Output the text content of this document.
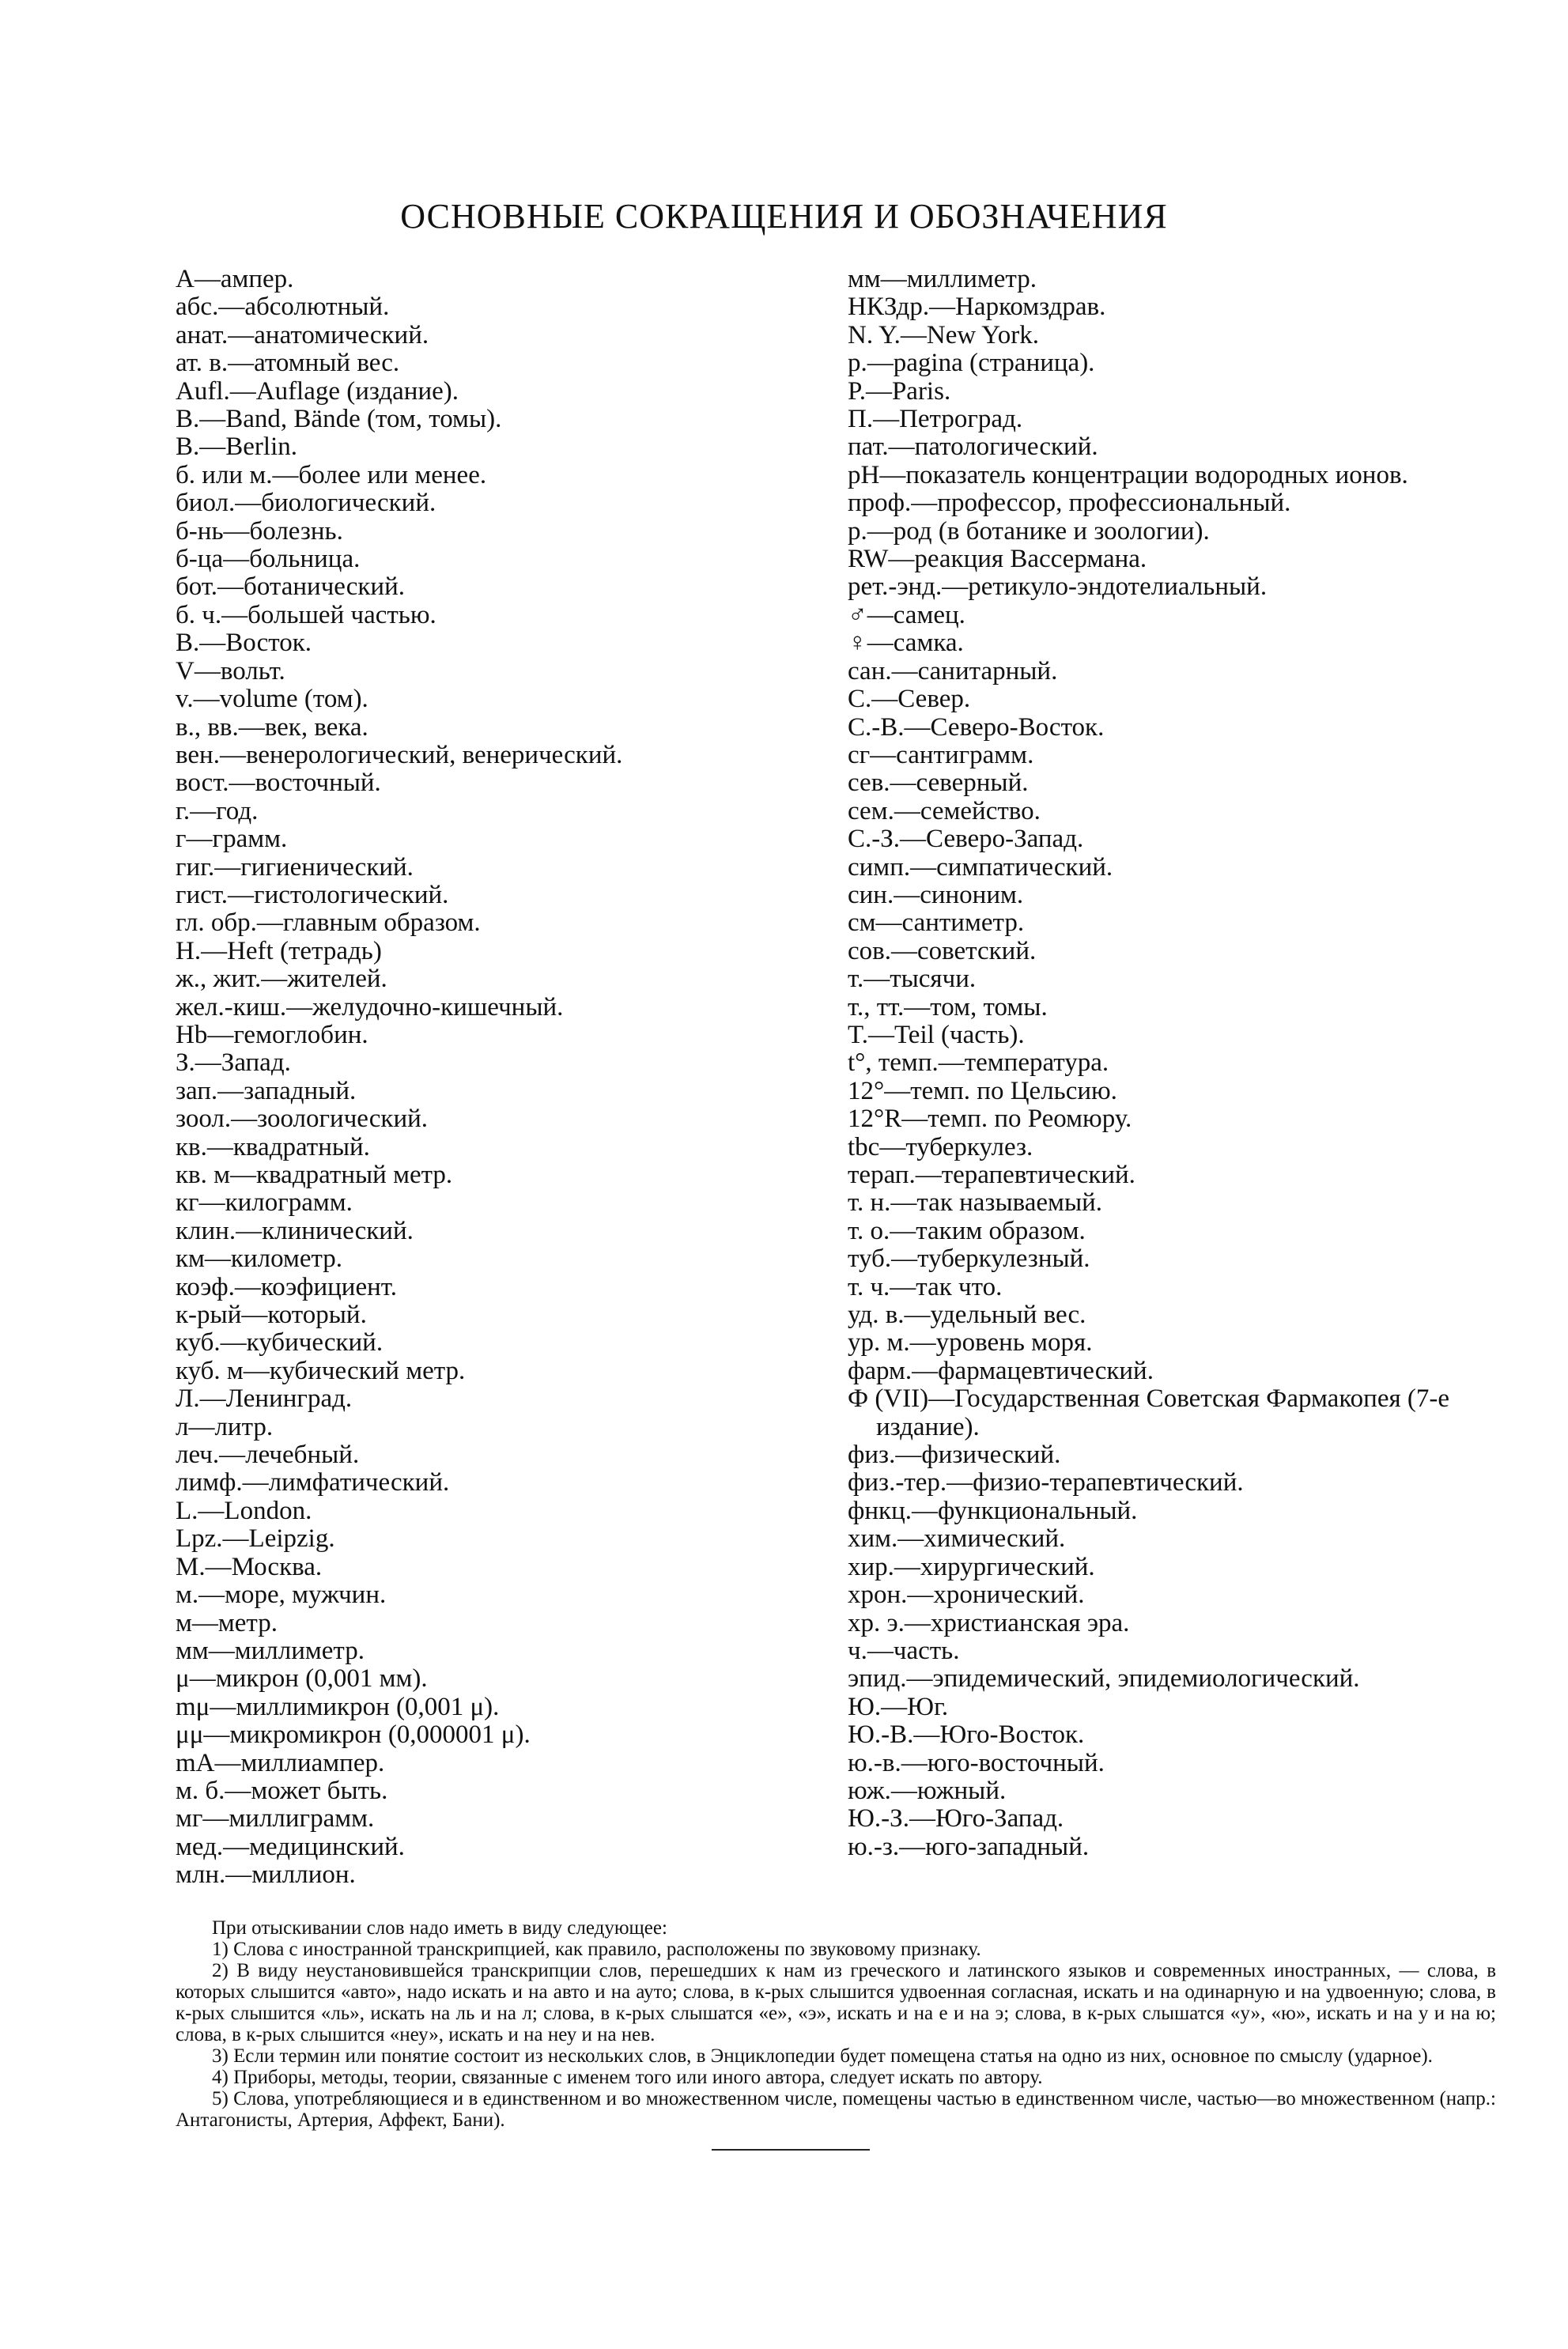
ОСНОВНЫЕ СОКРАЩЕНИЯ И ОБОЗНАЧЕНИЯ

А—ампер.

абс.—абсолютный.

анат.—анатомический.

ат. в.—атомный вес.

Aufl.—Auflage (издание).

B.—Band, Bände (том, томы).

B.—Berlin.

б. или м.—более или менее.

биол.—биологический.

б-нь—болезнь.

б-ца—больница.

бот.—ботанический.

б. ч.—большей частью.

В.—Восток.

V—вольт.

v.—volume (том).

в., вв.—век, века.

вен.—венерологический, венерический.

вост.—восточный.

г.—год.

г—грамм.

гиг.—гигиенический.

гист.—гистологический.

гл. обр.—главным образом.

H.—Heft (тетрадь)

ж., жит.—жителей.

жел.-киш.—желудочно-кишечный.

Hb—гемоглобин.

З.—Запад.

зап.—западный.

зоол.—зоологический.

кв.—квадратный.

кв. м—квадратный метр.

кг—килограмм.

клин.—клинический.

км—километр.

коэф.—коэфициент.

к-рый—который.

куб.—кубический.

куб. м—кубический метр.

Л.—Ленинград.

л—литр.

леч.—лечебный.

лимф.—лимфатический.

L.—London.

Lpz.—Leipzig.

М.—Москва.

м.—море, мужчин.

м—метр.

мм—миллиметр.

μ—микрон (0,001 мм).

mμ—миллимикрон (0,001 μ).

μμ—микромикрон (0,000001 μ).

mA—миллиампер.

м. б.—может быть.

мг—миллиграмм.

мед.—медицинский.

млн.—миллион.

мм—миллиметр.

НКЗдр.—Наркомздрав.

N. Y.—New York.

p.—pagina (страница).

P.—Paris.

П.—Петроград.

пат.—патологический.

pH—показатель концентрации водородных ионов.

проф.—профессор, профессиональный.

р.—род (в ботанике и зоологии).

RW—реакция Вассермана.

рет.-энд.—ретикуло-эндотелиальный.

♂—самец.

♀—самка.

сан.—санитарный.

С.—Север.

С.-В.—Северо-Восток.

сг—сантиграмм.

сев.—северный.

сем.—семейство.

С.-З.—Северо-Запад.

симп.—симпатический.

син.—синоним.

см—сантиметр.

сов.—советский.

т.—тысячи.

т., тт.—том, томы.

T.—Teil (часть).

t°, темп.—температура.

12°—темп. по Цельсию.

12°R—темп. по Реомюру.

tbc—туберкулез.

терап.—терапевтический.

т. н.—так называемый.

т. о.—таким образом.

туб.—туберкулезный.

т. ч.—так что.

уд. в.—удельный вес.

ур. м.—уровень моря.

фарм.—фармацевтический.

Ф (VII)—Государственная Советская Фармакопея (7-е издание).

физ.—физический.

физ.-тер.—физио-терапевтический.

фнкц.—функциональный.

хим.—химический.

хир.—хирургический.

хрон.—хронический.

хр. э.—христианская эра.

ч.—часть.

эпид.—эпидемический, эпидемиологический.

Ю.—Юг.

Ю.-В.—Юго-Восток.

ю.-в.—юго-восточный.

юж.—южный.

Ю.-З.—Юго-Запад.

ю.-з.—юго-западный.

При отыскивании слов надо иметь в виду следующее:

1) Слова с иностранной транскрипцией, как правило, расположены по звуковому признаку.

2) В виду неустановившейся транскрипции слов, перешедших к нам из греческого и латинского языков и современных иностранных, — слова, в которых слышится «авто», надо искать и на авто и на ауто; слова, в к-рых слышится удвоенная согласная, искать и на одинарную и на удвоенную; слова, в к-рых слышится «ль», искать на ль и на л; слова, в к-рых слышатся «е», «э», искать и на е и на э; слова, в к-рых слышатся «у», «ю», искать и на у и на ю; слова, в к-рых слышится «неу», искать и на неу и на нев.

3) Если термин или понятие состоит из нескольких слов, в Энциклопедии будет помещена статья на одно из них, основное по смыслу (ударное).

4) Приборы, методы, теории, связанные с именем того или иного автора, следует искать по автору.

5) Слова, употребляющиеся и в единственном и во множественном числе, помещены частью в единственном числе, частью—во множественном (напр.: Антагонисты, Артерия, Аффект, Бани).
